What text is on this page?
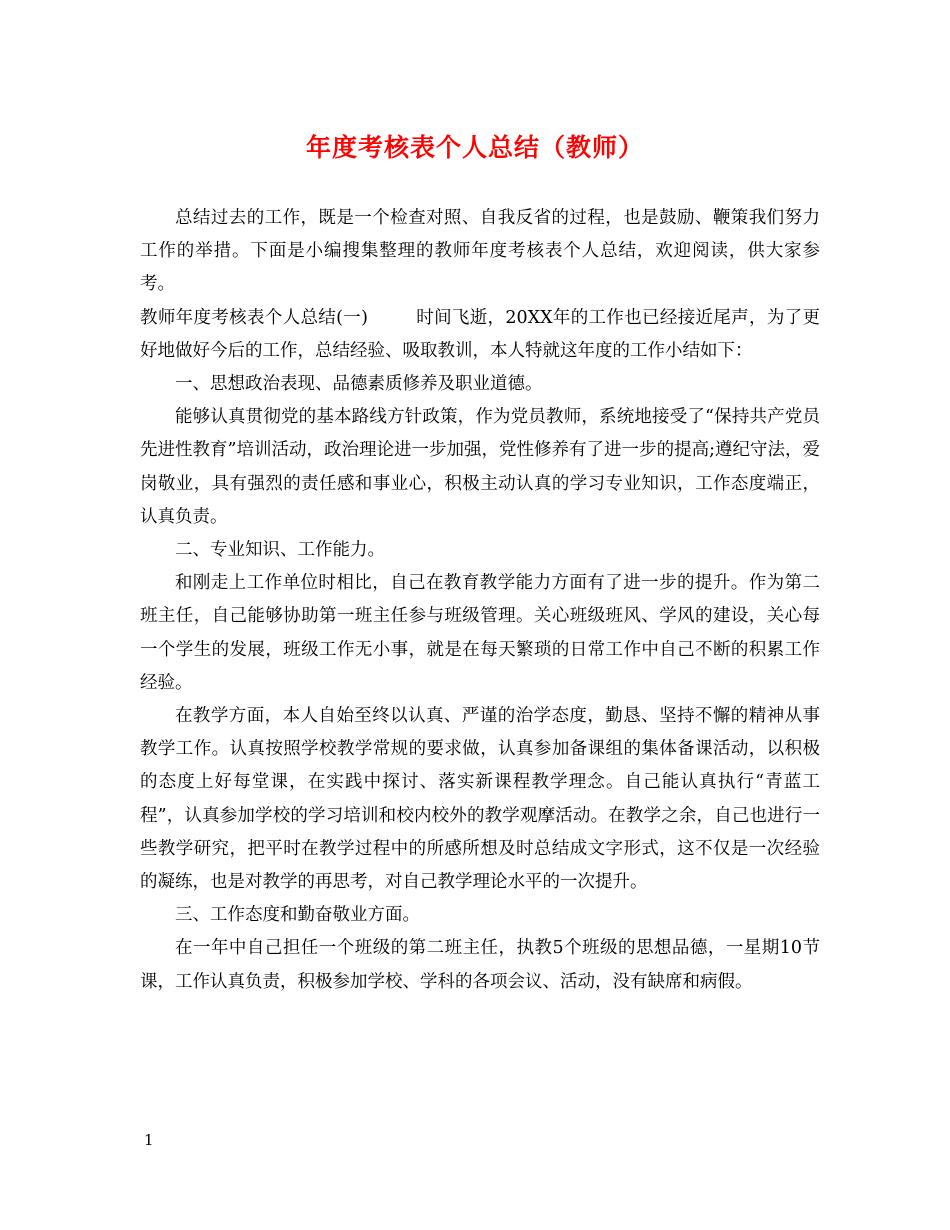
年度考核表个人总结（教师）

总结过去的工作，既是一个检查对照、自我反省的过程，也是鼓励、鞭策我们努力工作的举措。下面是小编搜集整理的教师年度考核表个人总结，欢迎阅读，供大家参考。

教师年度考核表个人总结(一)	时间飞逝，20XX年的工作也已经接近尾声，为了更好地做好今后的工作，总结经验、吸取教训，本人特就这年度的工作小结如下：

一、思想政治表现、品德素质修养及职业道德。

能够认真贯彻党的基本路线方针政策，作为党员教师，系统地接受了“保持共产党员先进性教育”培训活动，政治理论进一步加强，党性修养有了进一步的提高;遵纪守法，爱岗敬业，具有强烈的责任感和事业心，积极主动认真的学习专业知识，工作态度端正，认真负责。

二、专业知识、工作能力。

和刚走上工作单位时相比，自己在教育教学能力方面有了进一步的提升。作为第二班主任，自己能够协助第一班主任参与班级管理。关心班级班风、学风的建设，关心每一个学生的发展，班级工作无小事，就是在每天繁琐的日常工作中自己不断的积累工作经验。

在教学方面，本人自始至终以认真、严谨的治学态度，勤恳、坚持不懈的精神从事教学工作。认真按照学校教学常规的要求做，认真参加备课组的集体备课活动，以积极的态度上好每堂课，在实践中探讨、落实新课程教学理念。自己能认真执行“青蓝工程”，认真参加学校的学习培训和校内校外的教学观摩活动。在教学之余，自己也进行一些教学研究，把平时在教学过程中的所感所想及时总结成文字形式，这不仅是一次经验的凝练，也是对教学的再思考，对自己教学理论水平的一次提升。

三、工作态度和勤奋敬业方面。

在一年中自己担任一个班级的第二班主任，执教5个班级的思想品德，一星期10节课，工作认真负责，积极参加学校、学科的各项会议、活动，没有缺席和病假。

1
